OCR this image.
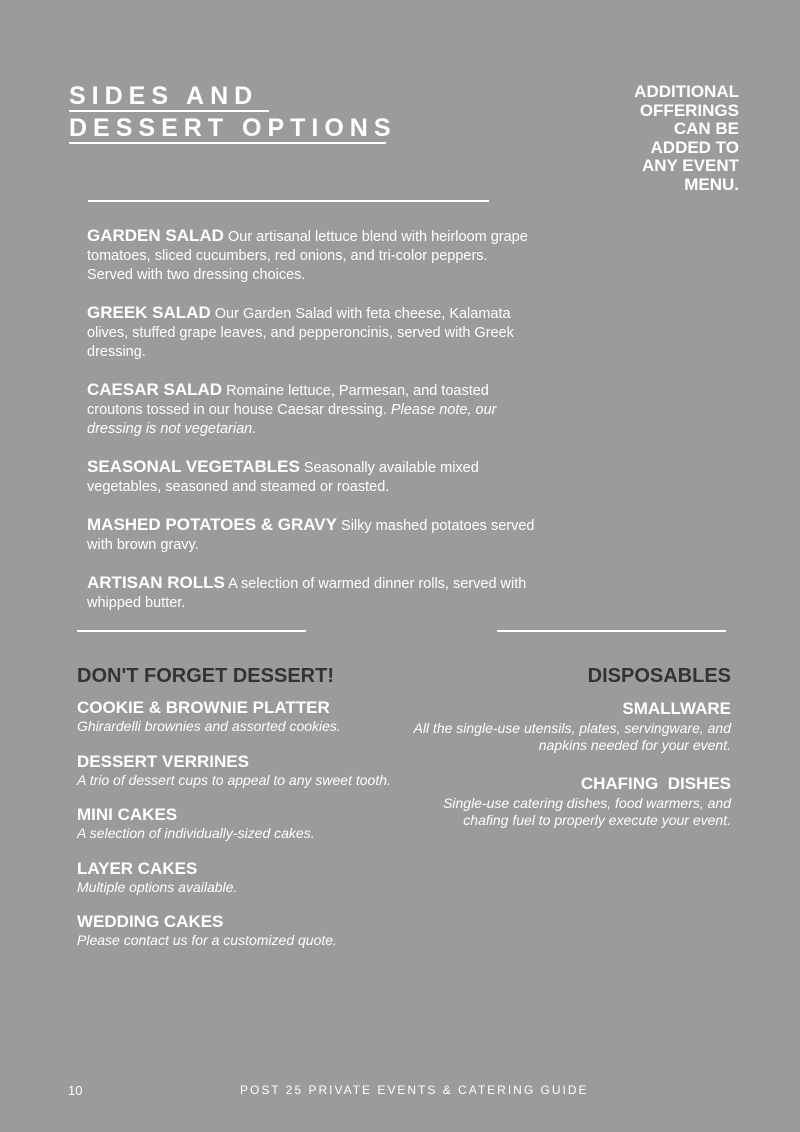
SIDES AND
DESSERT OPTIONS
ADDITIONAL
OFFERINGS
CAN BE
ADDED TO
ANY EVENT
MENU.
GARDEN SALAD Our artisanal lettuce blend with heirloom grape tomatoes, sliced cucumbers, red onions, and tri-color peppers. Served with two dressing choices.
GREEK SALAD Our Garden Salad with feta cheese, Kalamata olives, stuffed grape leaves, and pepperoncinis, served with Greek dressing.
CAESAR SALAD Romaine lettuce, Parmesan, and toasted croutons tossed in our house Caesar dressing. Please note, our dressing is not vegetarian.
SEASONAL VEGETABLES Seasonally available mixed vegetables, seasoned and steamed or roasted.
MASHED POTATOES & GRAVY Silky mashed potatoes served with brown gravy.
ARTISAN ROLLS A selection of warmed dinner rolls, served with whipped butter.
DON'T FORGET DESSERT!	DISPOSABLES
COOKIE & BROWNIE PLATTER
Ghirardelli brownies and assorted cookies.
DESSERT VERRINES
A trio of dessert cups to appeal to any sweet tooth.
MINI CAKES
A selection of individually-sized cakes.
LAYER CAKES
Multiple options available.
WEDDING CAKES
Please contact us for a customized quote.
SMALLWARE
All the single-use utensils, plates, servingware, and napkins needed for your event.
CHAFING  DISHES
Single-use catering dishes, food warmers, and chafing fuel to properly execute your event.
10	POST 25 PRIVATE EVENTS & CATERING GUIDE
